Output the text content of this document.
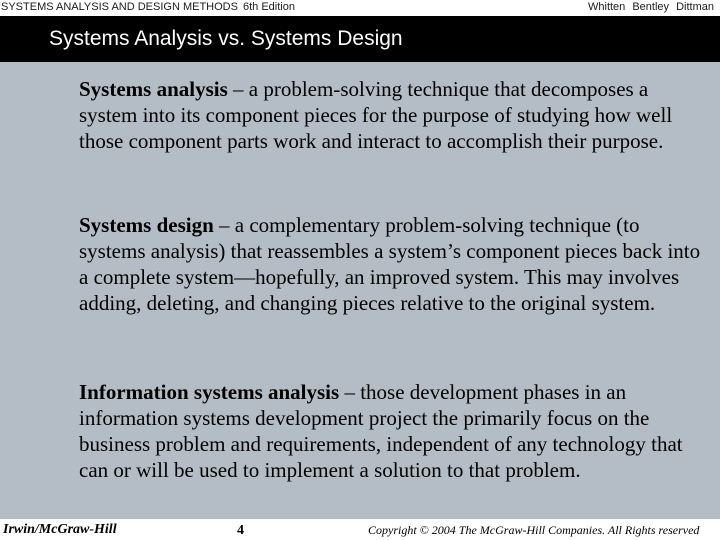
SYSTEMS ANALYSIS AND DESIGN METHODS 6th Edition	Whitten Bentley Dittman
Systems Analysis vs. Systems Design
Systems analysis – a problem-solving technique that decomposes a system into its component pieces for the purpose of studying how well those component parts work and interact to accomplish their purpose.
Systems design – a complementary problem-solving technique (to systems analysis) that reassembles a system’s component pieces back into a complete system—hopefully, an improved system. This may involves adding, deleting, and changing pieces relative to the original system.
Information systems analysis – those development phases in an information systems development project the primarily focus on the business problem and requirements, independent of any technology that can or will be used to implement a solution to that problem.
Irwin/McGraw-Hill	4	Copyright © 2004 The McGraw-Hill Companies. All Rights reserved
